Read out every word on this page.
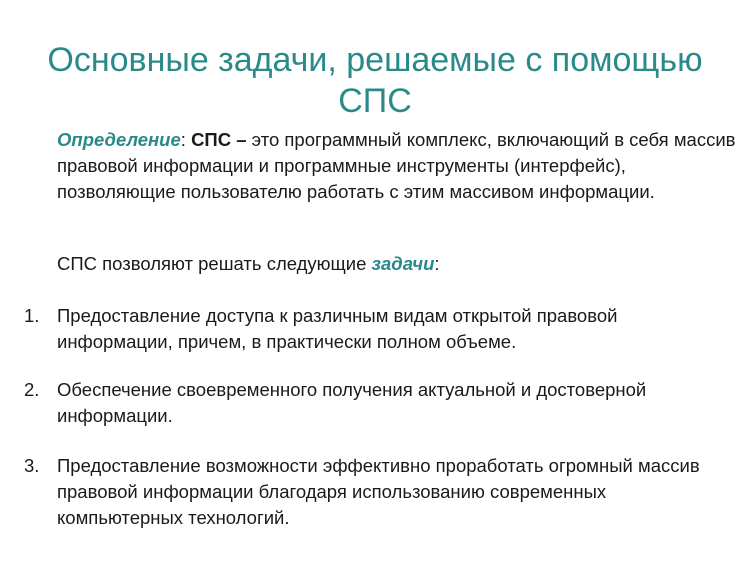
Основные задачи, решаемые с помощью
СПС
Определение: СПС – это программный комплекс, включающий в себя массив правовой информации и программные инструменты (интерфейс), позволяющие пользователю работать с этим массивом информации.
СПС позволяют решать следующие задачи:
1. Предоставление доступа к различным видам открытой правовой информации, причем, в практически полном объеме.
2. Обеспечение своевременного получения актуальной и достоверной информации.
3. Предоставление возможности эффективно проработать огромный массив правовой информации благодаря использованию современных компьютерных технологий.
